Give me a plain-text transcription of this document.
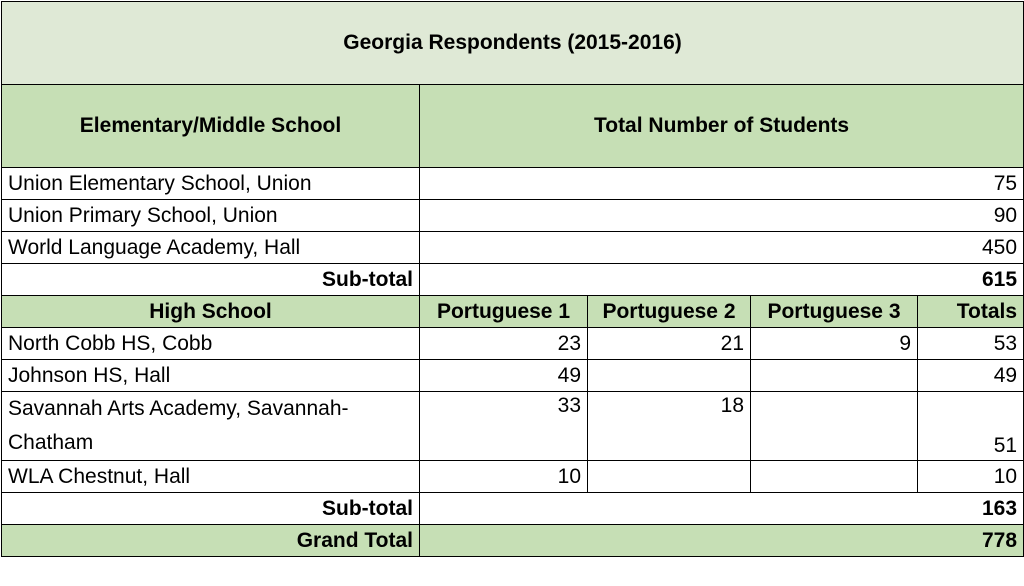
Georgia Respondents (2015-2016)				
Elementary/Middle School	Total Number of Students			
Union Elementary School, Union	75			
Union Primary School, Union	90			
World Language Academy, Hall	450			
Sub-total	615			
High School	Portuguese 1	Portuguese 2	Portuguese 3	Totals
North Cobb HS, Cobb	23	21	9	53
Johnson HS, Hall	49			49
Savannah Arts Academy, Savannah-Chatham	33	18		51
WLA Chestnut, Hall	10			10
Sub-total	163			
Grand Total	778			
